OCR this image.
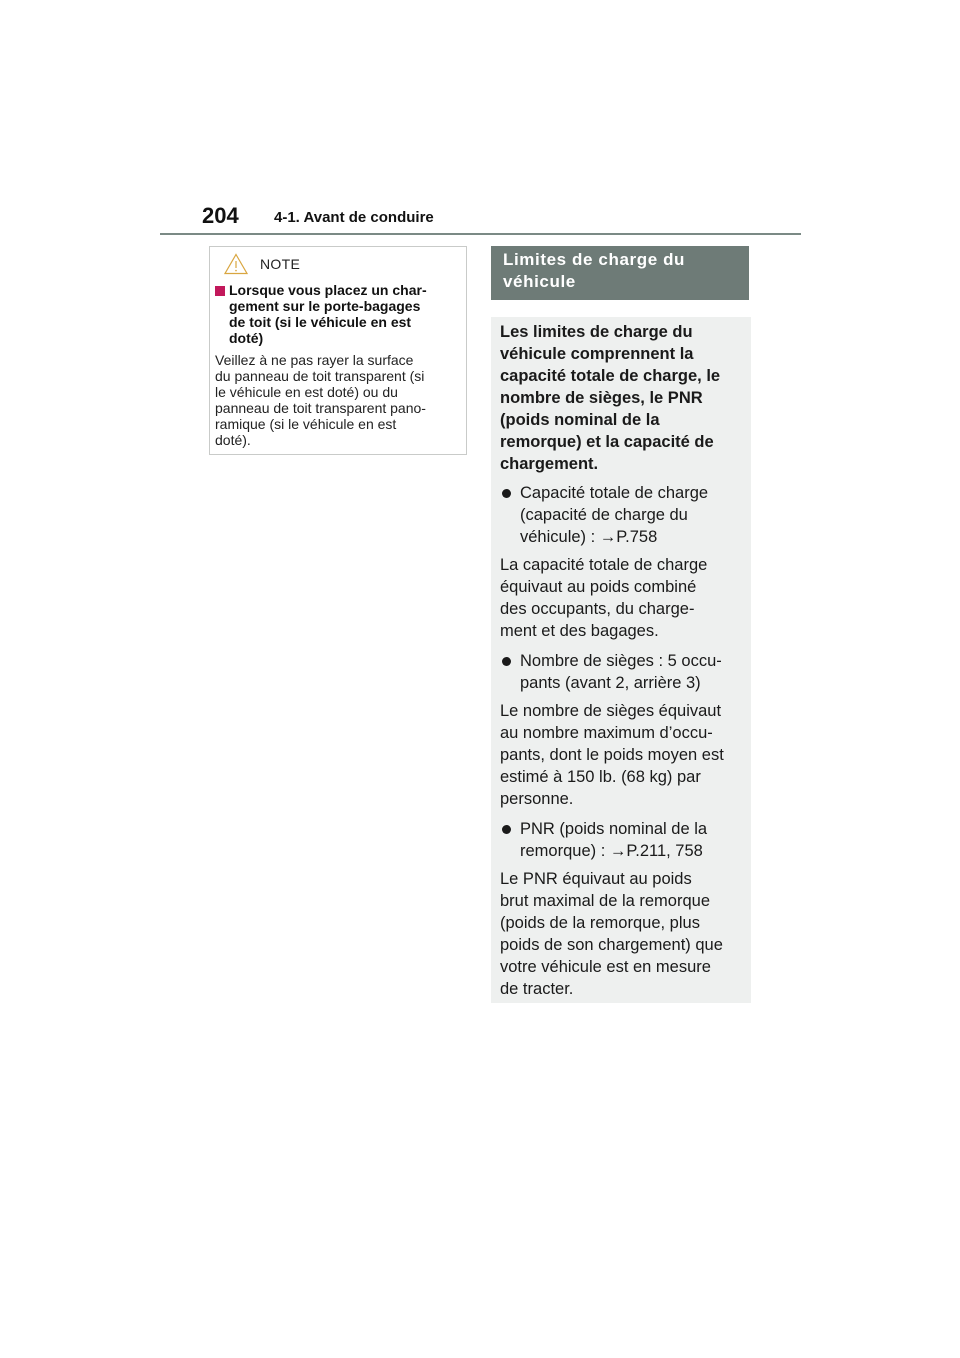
204 4-1. Avant de conduire
NOTE
Lorsque vous placez un char-
gement sur le porte-bagages
de toit (si le véhicule en est
doté)
Veillez à ne pas rayer la surface
du panneau de toit transparent (si
le véhicule en est doté) ou du
panneau de toit transparent pano-
ramique (si le véhicule en est
doté).
Limites de charge du
véhicule
Les limites de charge du
véhicule comprennent la
capacité totale de charge, le
nombre de sièges, le PNR
(poids nominal de la
remorque) et la capacité de
chargement.
Capacité totale de charge
(capacité de charge du
véhicule) : →P.758
La capacité totale de charge
équivaut au poids combiné
des occupants, du charge-
ment et des bagages.
Nombre de sièges : 5 occu-
pants (avant 2, arrière 3)
Le nombre de sièges équivaut
au nombre maximum d’occu-
pants, dont le poids moyen est
estimé à 150 lb. (68 kg) par
personne.
PNR (poids nominal de la
remorque) : →P.211, 758
Le PNR équivaut au poids
brut maximal de la remorque
(poids de la remorque, plus
poids de son chargement) que
votre véhicule est en mesure
de tracter.
